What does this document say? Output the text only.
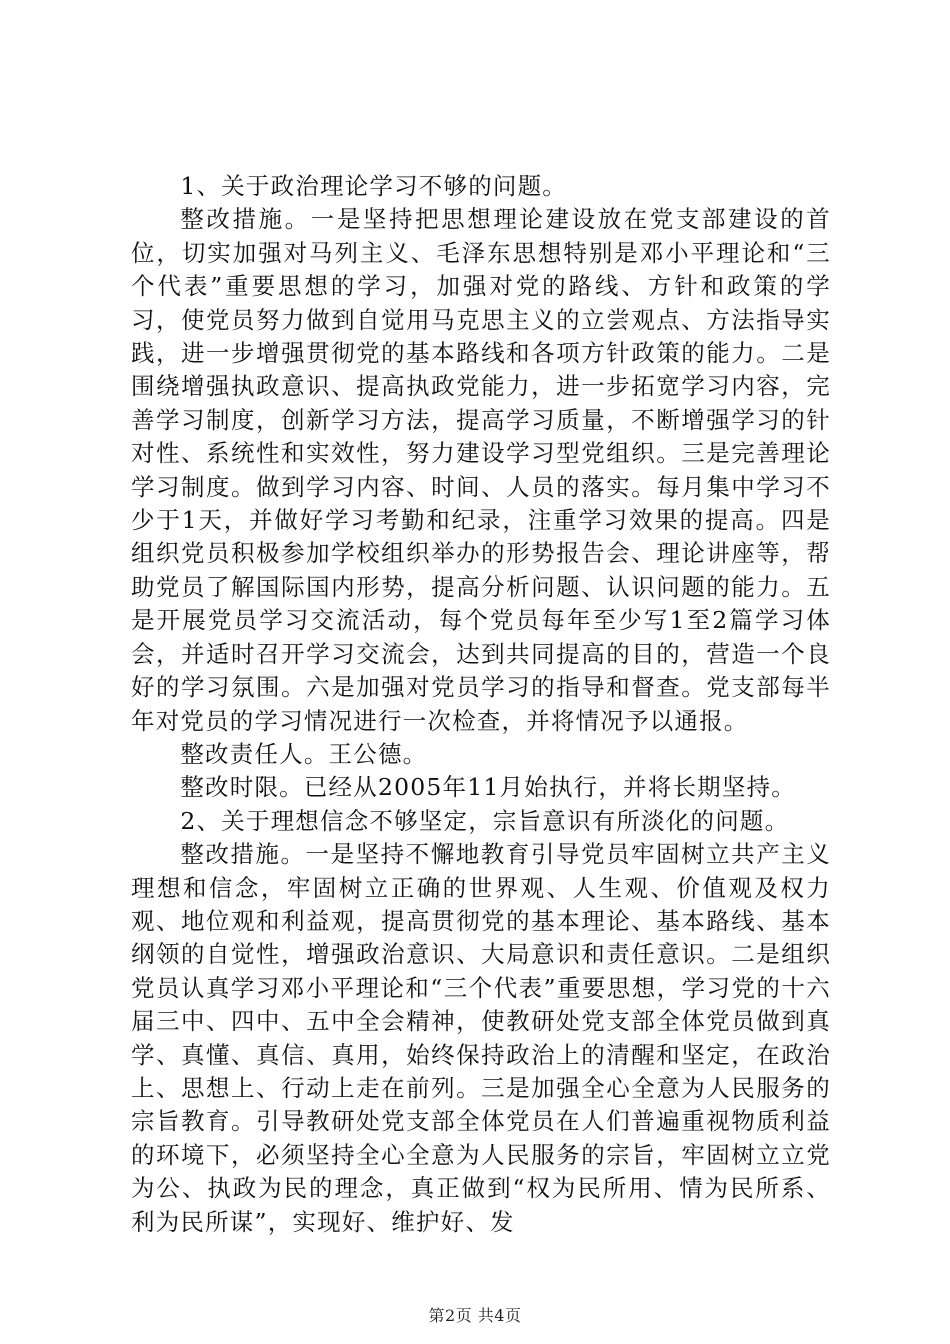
1、关于政治理论学习不够的问题。

整改措施。一是坚持把思想理论建设放在党支部建设的首位，切实加强对马列主义、毛泽东思想特别是邓小平理论和“三个代表”重要思想的学习，加强对党的路线、方针和政策的学习，使党员努力做到自觉用马克思主义的立尝观点、方法指导实践，进一步增强贯彻党的基本路线和各项方针政策的能力。二是围绕增强执政意识、提高执政党能力，进一步拓宽学习内容，完善学习制度，创新学习方法，提高学习质量，不断增强学习的针对性、系统性和实效性，努力建设学习型党组织。三是完善理论学习制度。做到学习内容、时间、人员的落实。每月集中学习不少于1天，并做好学习考勤和纪录，注重学习效果的提高。四是组织党员积极参加学校组织举办的形势报告会、理论讲座等，帮助党员了解国际国内形势，提高分析问题、认识问题的能力。五是开展党员学习交流活动，每个党员每年至少写1至2篇学习体会，并适时召开学习交流会，达到共同提高的目的，营造一个良好的学习氛围。六是加强对党员学习的指导和督查。党支部每半年对党员的学习情况进行一次检查，并将情况予以通报。

整改责任人。王公德。

整改时限。已经从2005年11月始执行，并将长期坚持。

2、关于理想信念不够坚定，宗旨意识有所淡化的问题。

整改措施。一是坚持不懈地教育引导党员牢固树立共产主义理想和信念，牢固树立正确的世界观、人生观、价值观及权力观、地位观和利益观，提高贯彻党的基本理论、基本路线、基本纲领的自觉性，增强政治意识、大局意识和责任意识。二是组织党员认真学习邓小平理论和“三个代表”重要思想，学习党的十六届三中、四中、五中全会精神，使教研处党支部全体党员做到真学、真懂、真信、真用，始终保持政治上的清醒和坚定，在政治上、思想上、行动上走在前列。三是加强全心全意为人民服务的宗旨教育。引导教研处党支部全体党员在人们普遍重视物质利益的环境下，必须坚持全心全意为人民服务的宗旨，牢固树立立党为公、执政为民的理念，真正做到“权为民所用、情为民所系、利为民所谋”，实现好、维护好、发

第2页 共4页
